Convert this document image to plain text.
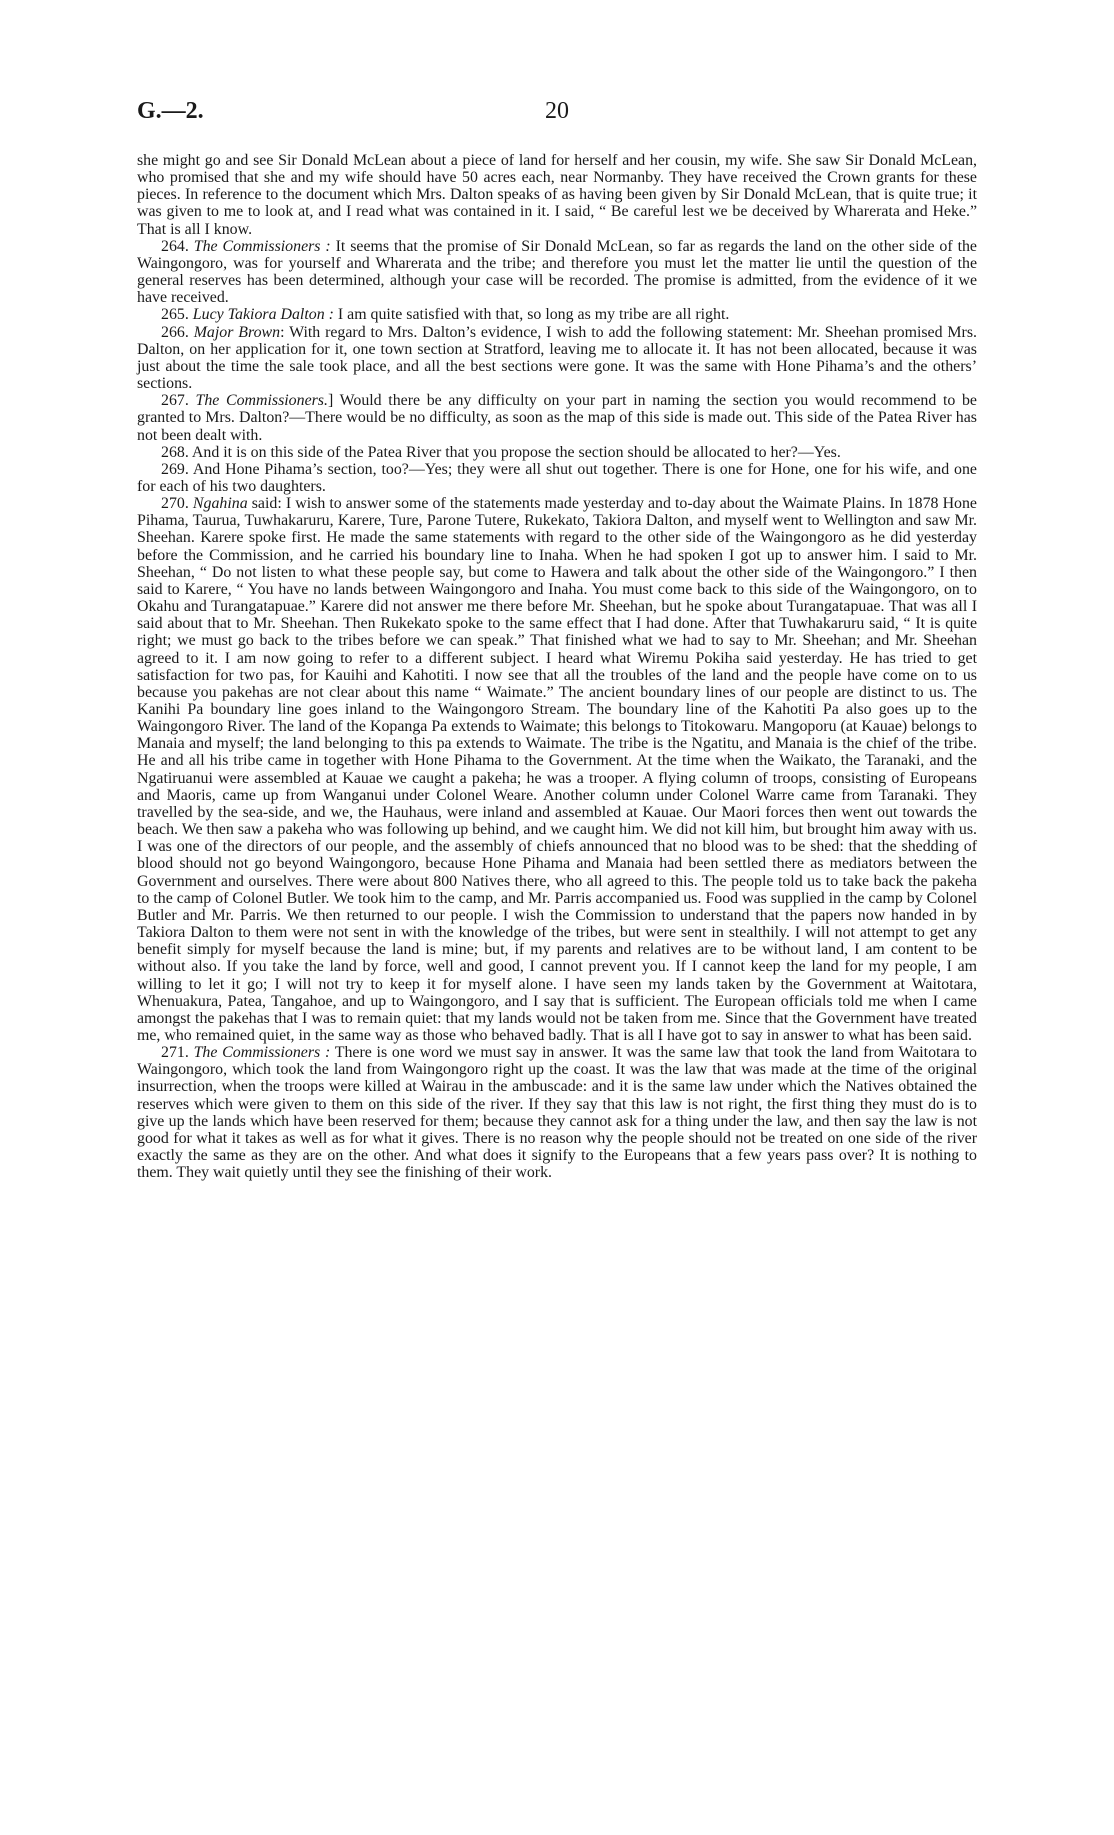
G.—2.	20

she might go and see Sir Donald McLean about a piece of land for herself and her cousin, my wife. She saw Sir Donald McLean, who promised that she and my wife should have 50 acres each, near Normanby. They have received the Crown grants for these pieces. In reference to the document which Mrs. Dalton speaks of as having been given by Sir Donald McLean, that is quite true; it was given to me to look at, and I read what was contained in it. I said, “ Be careful lest we be deceived by Wharerata and Heke.” That is all I know.

264. The Commissioners : It seems that the promise of Sir Donald McLean, so far as regards the land on the other side of the Waingongoro, was for yourself and Wharerata and the tribe; and therefore you must let the matter lie until the question of the general reserves has been determined, although your case will be recorded. The promise is admitted, from the evidence of it we have received.

265. Lucy Takiora Dalton : I am quite satisfied with that, so long as my tribe are all right.

266. Major Brown: With regard to Mrs. Dalton’s evidence, I wish to add the following statement: Mr. Sheehan promised Mrs. Dalton, on her application for it, one town section at Stratford, leaving me to allocate it. It has not been allocated, because it was just about the time the sale took place, and all the best sections were gone. It was the same with Hone Pihama’s and the others’ sections.

267. The Commissioners.] Would there be any difficulty on your part in naming the section you would recommend to be granted to Mrs. Dalton?—There would be no difficulty, as soon as the map of this side is made out. This side of the Patea River has not been dealt with.

268. And it is on this side of the Patea River that you propose the section should be allocated to her?—Yes.

269. And Hone Pihama’s section, too?—Yes; they were all shut out together. There is one for Hone, one for his wife, and one for each of his two daughters.

270. Ngahina said: I wish to answer some of the statements made yesterday and to-day about the Waimate Plains. In 1878 Hone Pihama, Taurua, Tuwhakaruru, Karere, Ture, Parone Tutere, Rukekato, Takiora Dalton, and myself went to Wellington and saw Mr. Sheehan. Karere spoke first. He made the same statements with regard to the other side of the Waingongoro as he did yesterday before the Commission, and he carried his boundary line to Inaha. When he had spoken I got up to answer him. I said to Mr. Sheehan, “ Do not listen to what these people say, but come to Hawera and talk about the other side of the Waingongoro.” I then said to Karere, “ You have no lands between Waingongoro and Inaha. You must come back to this side of the Waingongoro, on to Okahu and Turangatapuae.” Karere did not answer me there before Mr. Sheehan, but he spoke about Turangatapuae. That was all I said about that to Mr. Sheehan. Then Rukekato spoke to the same effect that I had done. After that Tuwhakaruru said, “ It is quite right; we must go back to the tribes before we can speak.” That finished what we had to say to Mr. Sheehan; and Mr. Sheehan agreed to it. I am now going to refer to a different subject. I heard what Wiremu Pokiha said yesterday. He has tried to get satisfaction for two pas, for Kauihi and Kahotiti. I now see that all the troubles of the land and the people have come on to us because you pakehas are not clear about this name “ Waimate.” The ancient boundary lines of our people are distinct to us. The Kanihi Pa boundary line goes inland to the Waingongoro Stream. The boundary line of the Kahotiti Pa also goes up to the Waingongoro River. The land of the Kopanga Pa extends to Waimate; this belongs to Titokowaru. Mangoporu (at Kauae) belongs to Manaia and myself; the land belonging to this pa extends to Waimate. The tribe is the Ngatitu, and Manaia is the chief of the tribe. He and all his tribe came in together with Hone Pihama to the Government. At the time when the Waikato, the Taranaki, and the Ngatiruanui were assembled at Kauae we caught a pakeha; he was a trooper. A flying column of troops, consisting of Europeans and Maoris, came up from Wanganui under Colonel Weare. Another column under Colonel Warre came from Taranaki. They travelled by the sea-side, and we, the Hauhaus, were inland and assembled at Kauae. Our Maori forces then went out towards the beach. We then saw a pakeha who was following up behind, and we caught him. We did not kill him, but brought him away with us. I was one of the directors of our people, and the assembly of chiefs announced that no blood was to be shed: that the shedding of blood should not go beyond Waingongoro, because Hone Pihama and Manaia had been settled there as mediators between the Government and ourselves. There were about 800 Natives there, who all agreed to this. The people told us to take back the pakeha to the camp of Colonel Butler. We took him to the camp, and Mr. Parris accompanied us. Food was supplied in the camp by Colonel Butler and Mr. Parris. We then returned to our people. I wish the Commission to understand that the papers now handed in by Takiora Dalton to them were not sent in with the knowledge of the tribes, but were sent in stealthily. I will not attempt to get any benefit simply for myself because the land is mine; but, if my parents and relatives are to be without land, I am content to be without also. If you take the land by force, well and good, I cannot prevent you. If I cannot keep the land for my people, I am willing to let it go; I will not try to keep it for myself alone. I have seen my lands taken by the Government at Waitotara, Whenuakura, Patea, Tangahoe, and up to Waingongoro, and I say that is sufficient. The European officials told me when I came amongst the pakehas that I was to remain quiet: that my lands would not be taken from me. Since that the Government have treated me, who remained quiet, in the same way as those who behaved badly. That is all I have got to say in answer to what has been said.

271. The Commissioners : There is one word we must say in answer. It was the same law that took the land from Waitotara to Waingongoro, which took the land from Waingongoro right up the coast. It was the law that was made at the time of the original insurrection, when the troops were killed at Wairau in the ambuscade: and it is the same law under which the Natives obtained the reserves which were given to them on this side of the river. If they say that this law is not right, the first thing they must do is to give up the lands which have been reserved for them; because they cannot ask for a thing under the law, and then say the law is not good for what it takes as well as for what it gives. There is no reason why the people should not be treated on one side of the river exactly the same as they are on the other. And what does it signify to the Europeans that a few years pass over? It is nothing to them. They wait quietly until they see the finishing of their work.
